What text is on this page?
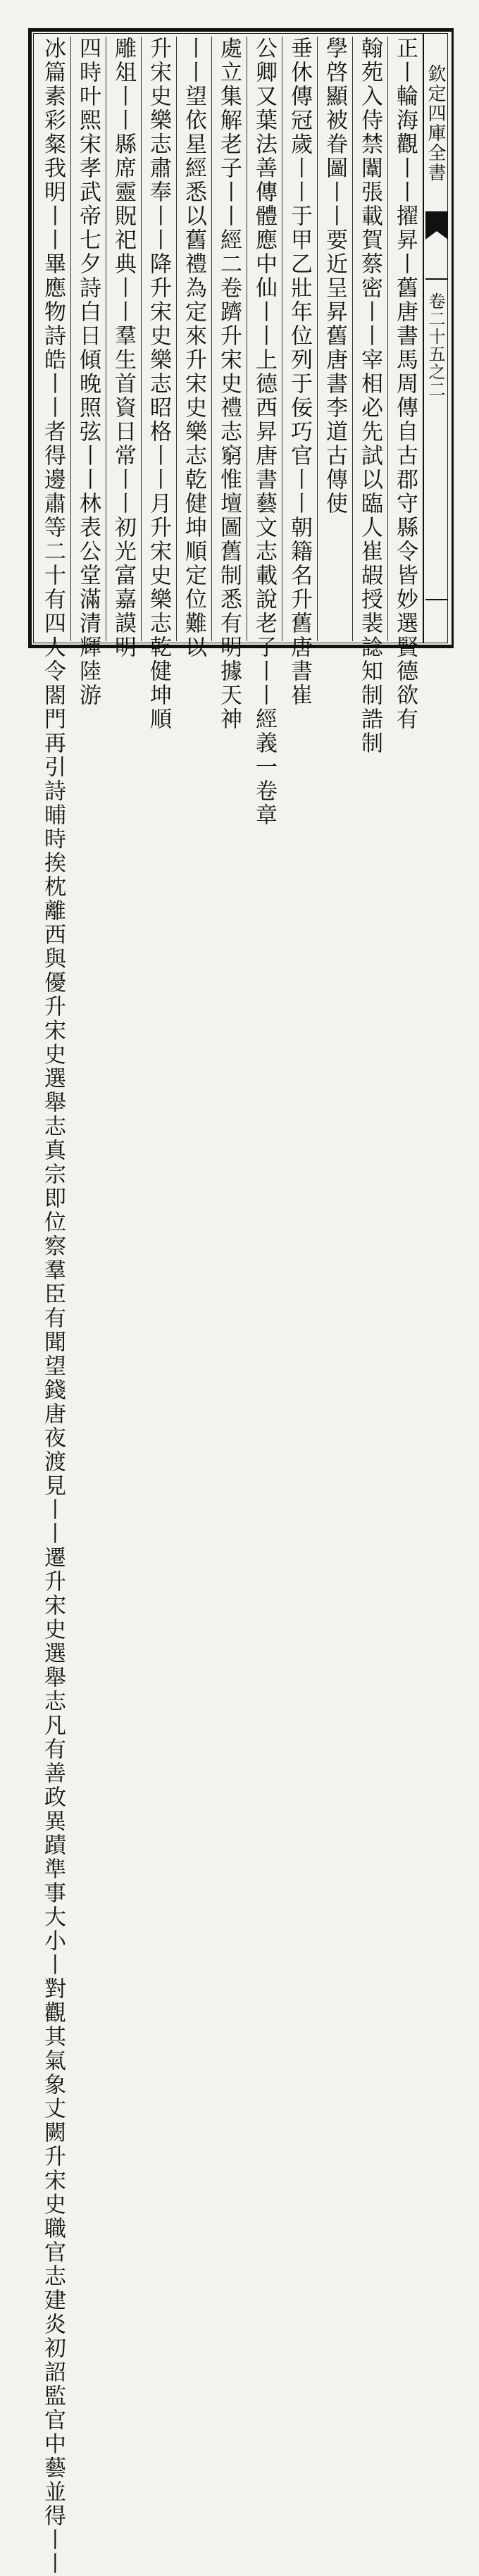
欽定四庫全書
卷二十五之二
正丨輪海觀丨丨擢昇丨舊唐書馬周傳自古郡守縣令皆妙選賢德欲有
翰苑入侍禁闈張載賀蔡密丨丨宰相必先試以臨人崔嘏授裴諗知制誥制
學啓顯被眷圖丨丨要近呈昇舊唐書李道古傳使
垂休傳冠歲丨丨于甲乙壯年位列于佞巧官丨丨朝籍名升舊唐書崔
公卿又葉法善傳體應中仙丨丨上德西昇唐書藝文志載說老子丨丨經義一卷章
處立集解老子丨丨經二卷躋升宋史禮志窮惟壇圖舊制悉有明據天神
丨丨望依星經悉以舊禮為定來升宋史樂志乾健坤順定位難以
升宋史樂志肅奉丨丨降升宋史樂志昭格丨丨月升宋史樂志乾健坤順
雕俎丨丨縣席靈貺祀典丨丨羣生首資日常丨丨初光富嘉謨明
四時叶熙宋孝武帝七夕詩白日傾晚照弦丨丨林表公堂滿清輝陸游
冰篇素彩粲我明丨丨畢應物詩皓丨丨者得邊肅等二十有四人令閤門再引詩晡時挨枕離西與優升宋史選舉志真宗即位察羣臣有聞望錢唐夜渡見丨丨遷升宋史選舉志凡有善政異蹟準事大小丨對觀其氣象丈闕升宋史職官志建炎初詔監官中藝並得丨丨
